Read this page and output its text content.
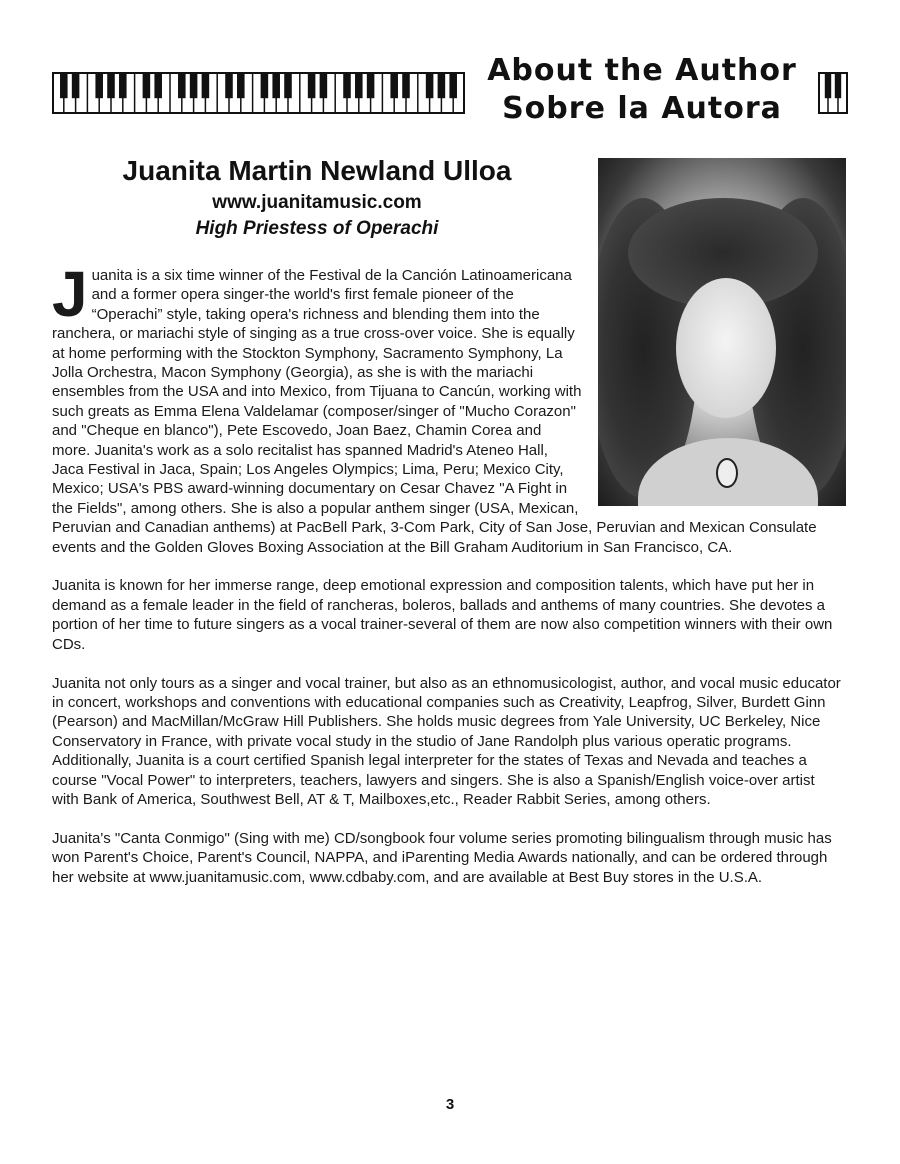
About the Author
Sobre la Autora
Juanita Martin Newland Ulloa
www.juanitamusic.com
High Priestess of Operachi

Juanita is a six time winner of the Festival de la Canción Latinoamericana and a former opera singer-the world's first female pioneer of the “Operachi” style, taking opera's richness and blending them into the ranchera, or mariachi style of singing as a true cross-over voice. She is equally at home performing with the Stockton Symphony, Sacramento Symphony, La Jolla Orchestra, Macon Symphony (Georgia), as she is with the mariachi ensembles from the USA and into Mexico, from Tijuana to Cancún, working with such greats as Emma Elena Valdelamar (composer/singer of "Mucho Corazon" and "Cheque en blanco"), Pete Escovedo, Joan Baez, Chamin Corea and more. Juanita's work as a solo recitalist has spanned Madrid's Ateneo Hall, Jaca Festival in Jaca, Spain; Los Angeles Olympics; Lima, Peru; Mexico City, Mexico; USA's PBS award-winning documentary on Cesar Chavez "A Fight in the Fields", among others. She is also a popular anthem singer (USA, Mexican, Peruvian and Canadian anthems) at PacBell Park, 3-Com Park, City of San Jose, Peruvian and Mexican Consulate events and the Golden Gloves Boxing Association at the Bill Graham Auditorium in San Francisco, CA.

Juanita is known for her immerse range, deep emotional expression and composition talents, which have put her in demand as a female leader in the field of rancheras, boleros, ballads and anthems of many countries. She devotes a portion of her time to future singers as a vocal trainer-several of them are now also competition winners with their own CDs.

Juanita not only tours as a singer and vocal trainer, but also as an ethnomusicologist, author, and vocal music educator in concert, workshops and conventions with educational companies such as Creativity, Leapfrog, Silver, Burdett Ginn (Pearson) and MacMillan/McGraw Hill Publishers. She holds music degrees from Yale University, UC Berkeley, Nice Conservatory in France, with private vocal study in the studio of Jane Randolph plus various operatic programs. Additionally, Juanita is a court certified Spanish legal interpreter for the states of Texas and Nevada and teaches a course "Vocal Power" to interpreters, teachers, lawyers and singers. She is also a Spanish/English voice-over artist with Bank of America, Southwest Bell, AT & T, Mailboxes,etc., Reader Rabbit Series, among others.

Juanita's "Canta Conmigo" (Sing with me) CD/songbook four volume series promoting bilingualism through music has won Parent's Choice, Parent's Council, NAPPA, and iParenting Media Awards nationally, and can be ordered through her website at www.juanitamusic.com, www.cdbaby.com, and are available at Best Buy stores in the U.S.A.

3
